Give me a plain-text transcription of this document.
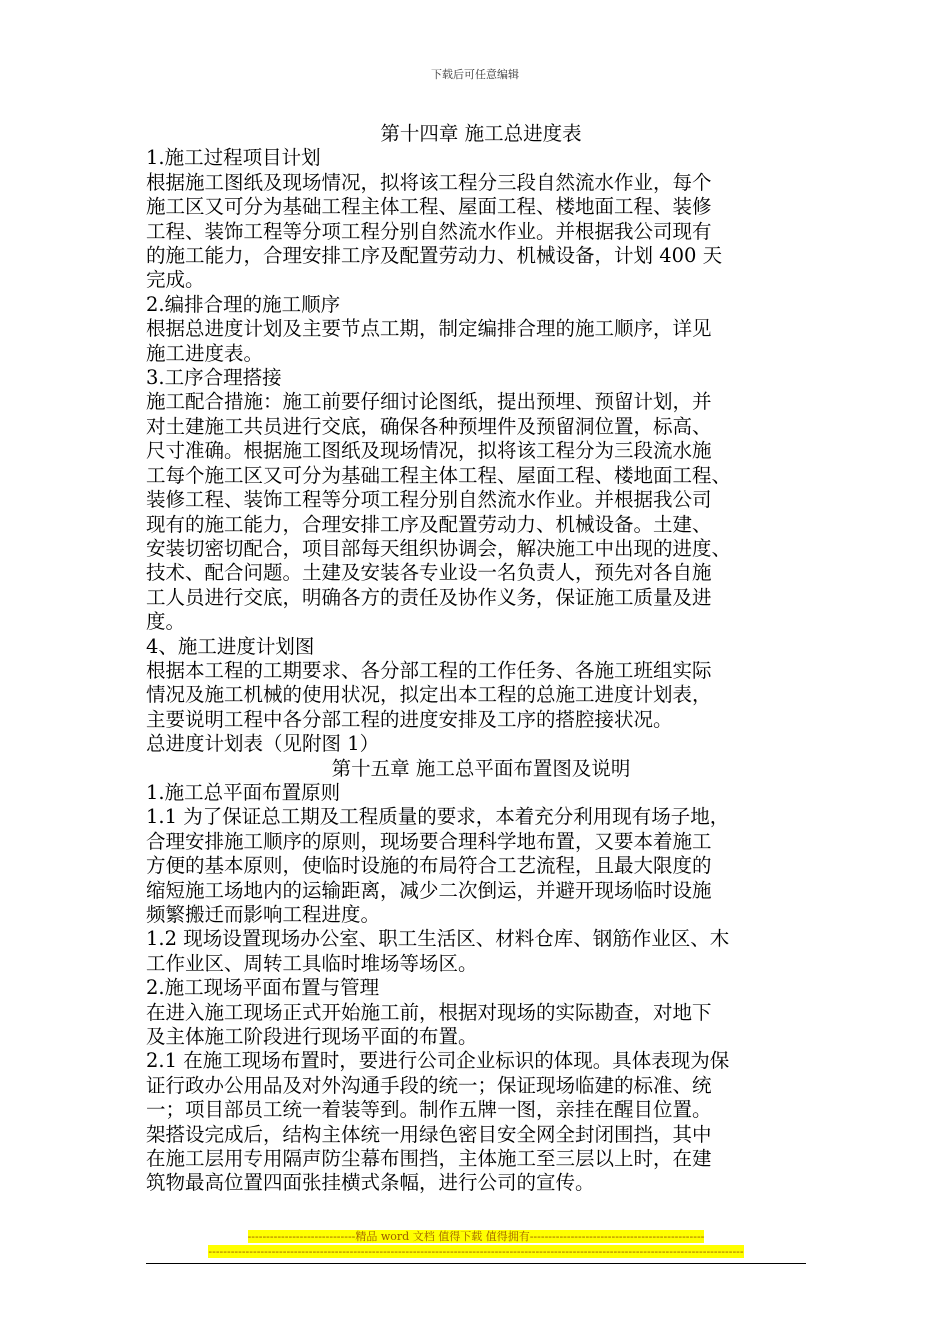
下载后可任意编辑

第十四章 施工总进度表

1.施工过程项目计划

根据施工图纸及现场情况，拟将该工程分三段自然流水作业，每个

施工区又可分为基础工程主体工程、屋面工程、楼地面工程、装修

工程、装饰工程等分项工程分别自然流水作业。并根据我公司现有

的施工能力，合理安排工序及配置劳动力、机械设备，计划 400 天

完成。

2.编排合理的施工顺序

根据总进度计划及主要节点工期，制定编排合理的施工顺序，详见

施工进度表。

3.工序合理搭接

施工配合措施：施工前要仔细讨论图纸，提出预埋、预留计划，并

对土建施工共员进行交底，确保各种预埋件及预留洞位置，标高、

尺寸准确。根据施工图纸及现场情况，拟将该工程分为三段流水施

工每个施工区又可分为基础工程主体工程、屋面工程、楼地面工程、

装修工程、装饰工程等分项工程分别自然流水作业。并根据我公司

现有的施工能力，合理安排工序及配置劳动力、机械设备。土建、

安装切密切配合，项目部每天组织协调会，解决施工中出现的进度、

技术、配合问题。土建及安装各专业设一名负责人，预先对各自施

工人员进行交底，明确各方的责任及协作义务，保证施工质量及进

度。

4、施工进度计划图

根据本工程的工期要求、各分部工程的工作任务、各施工班组实际

情况及施工机械的使用状况，拟定出本工程的总施工进度计划表，

主要说明工程中各分部工程的进度安排及工序的搭腔接状况。

总进度计划表（见附图 1）

第十五章 施工总平面布置图及说明

1.施工总平面布置原则

1.1 为了保证总工期及工程质量的要求，本着充分利用现有场子地，

合理安排施工顺序的原则，现场要合理科学地布置，又要本着施工

方便的基本原则，使临时设施的布局符合工艺流程，且最大限度的

缩短施工场地内的运输距离，减少二次倒运，并避开现场临时设施

频繁搬迁而影响工程进度。

1.2 现场设置现场办公室、职工生活区、材料仓库、钢筋作业区、木

工作业区、周转工具临时堆场等场区。

2.施工现场平面布置与管理

在进入施工现场正式开始施工前，根据对现场的实际勘查，对地下

及主体施工阶段进行现场平面的布置。

2.1 在施工现场布置时，要进行公司企业标识的体现。具体表现为保

证行政办公用品及对外沟通手段的统一；保证现场临建的标准、统

一；项目部员工统一着装等到。制作五牌一图，亲挂在醒目位置。

架搭设完成后，结构主体统一用绿色密目安全网全封闭围挡，其中

在施工层用专用隔声防尘幕布围挡，主体施工至三层以上时，在建

筑物最高位置四面张挂横式条幅，进行公司的宣传。

-----------------------------精品 word 文档 值得下载 值得拥有-----------------------------------------------
------------------------------------------------------------------------------------------------------------------------------------------------
